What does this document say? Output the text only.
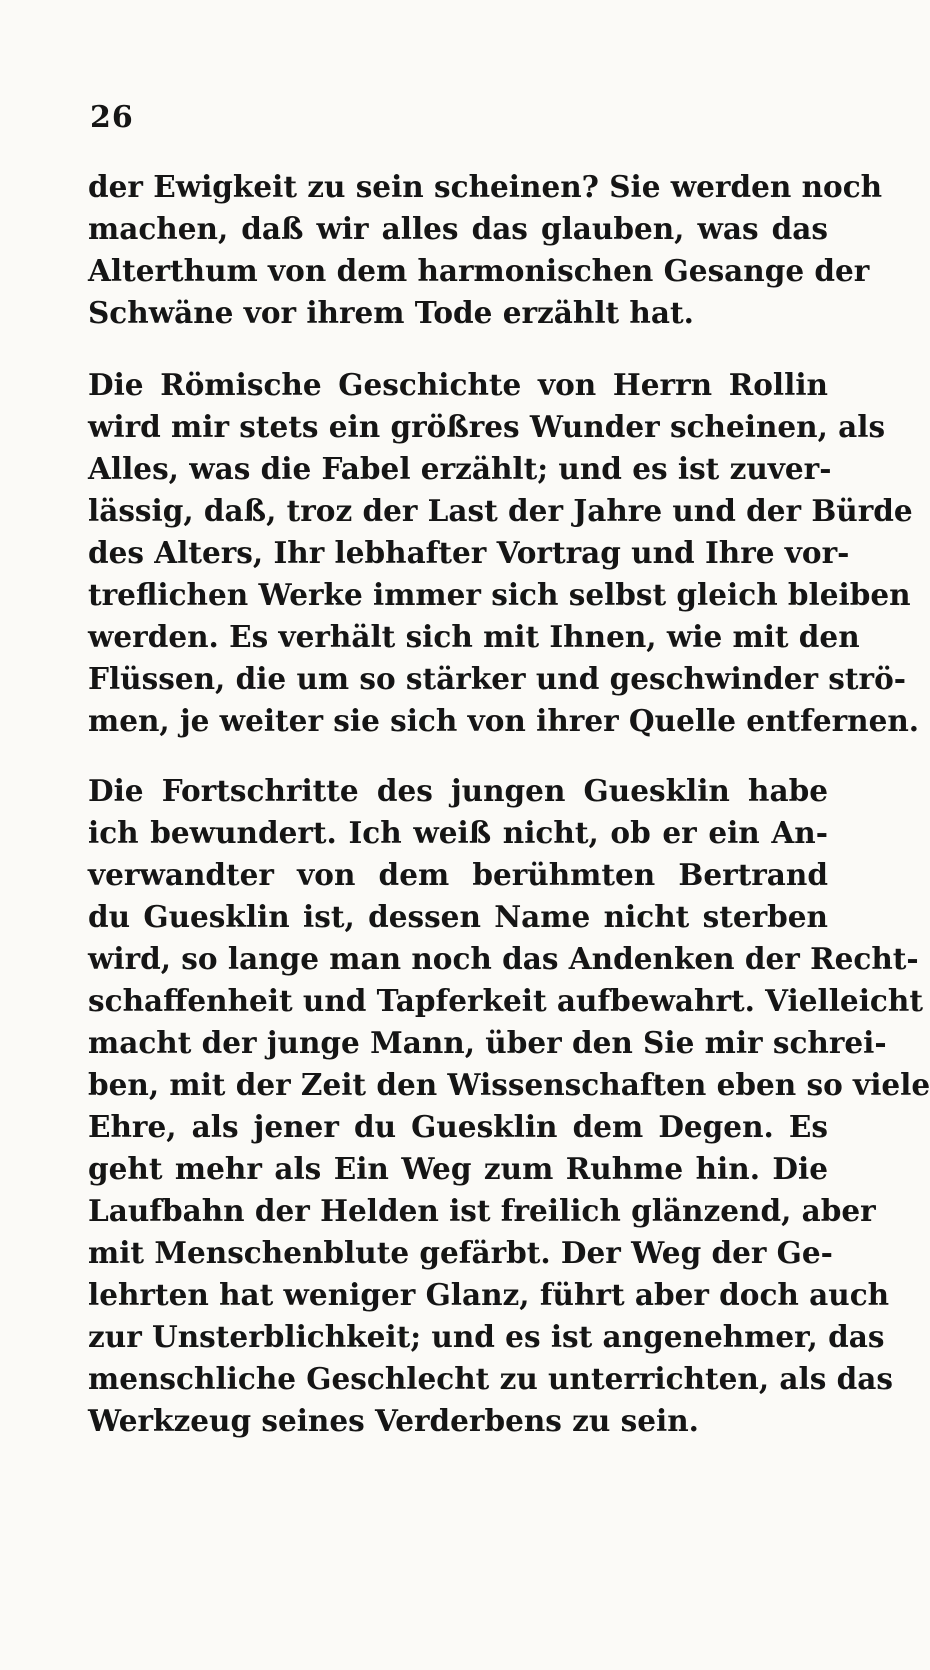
26
der Ewigkeit zu sein scheinen? Sie werden noch
machen, daß wir alles das glauben, was das
Alterthum von dem harmonischen Gesange der
Schwäne vor ihrem Tode erzählt hat.
Die Römische Geschichte von Herrn Rollin
wird mir stets ein größres Wunder scheinen, als
Alles, was die Fabel erzählt; und es ist zuver-
lässig, daß, troz der Last der Jahre und der Bürde
des Alters, Ihr lebhafter Vortrag und Ihre vor-
treflichen Werke immer sich selbst gleich bleiben
werden. Es verhält sich mit Ihnen, wie mit den
Flüssen, die um so stärker und geschwinder strö-
men, je weiter sie sich von ihrer Quelle entfernen.
Die Fortschritte des jungen Guesklin habe
ich bewundert. Ich weiß nicht, ob er ein An-
verwandter von dem berühmten Bertrand
du Guesklin ist, dessen Name nicht sterben
wird, so lange man noch das Andenken der Recht-
schaffenheit und Tapferkeit aufbewahrt. Vielleicht
macht der junge Mann, über den Sie mir schrei-
ben, mit der Zeit den Wissenschaften eben so viele
Ehre, als jener du Guesklin dem Degen. Es
geht mehr als Ein Weg zum Ruhme hin. Die
Laufbahn der Helden ist freilich glänzend, aber
mit Menschenblute gefärbt. Der Weg der Ge-
lehrten hat weniger Glanz, führt aber doch auch
zur Unsterblichkeit; und es ist angenehmer, das
menschliche Geschlecht zu unterrichten, als das
Werkzeug seines Verderbens zu sein.
